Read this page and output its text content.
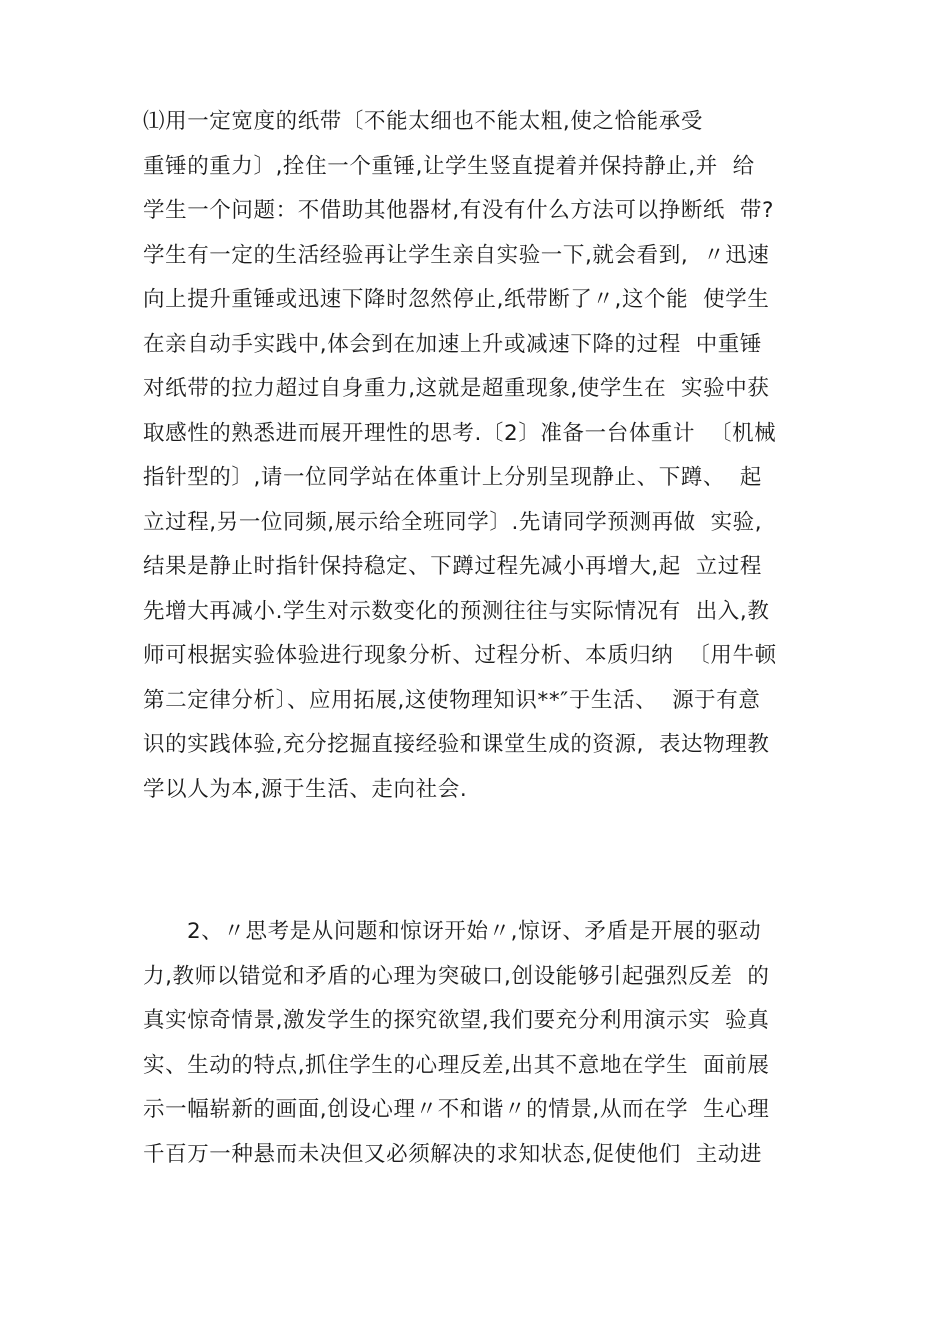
⑴用一定宽度的纸带〔不能太细也不能太粗,使之恰能承受
重锤的重力〕,拴住一个重锤,让学生竖直提着并保持静止,并  给
学生一个问题：不借助其他器材,有没有什么方法可以挣断纸  带?
学生有一定的生活经验再让学生亲自实验一下,就会看到,  〃迅速
向上提升重锤或迅速下降时忽然停止,纸带断了〃,这个能  使学生
在亲自动手实践中,体会到在加速上升或减速下降的过程  中重锤
对纸带的拉力超过自身重力,这就是超重现象,使学生在  实验中获
取感性的熟悉进而展开理性的思考.〔2〕准备一台体重计  〔机械
指针型的〕,请一位同学站在体重计上分别呈现静止、下蹲、  起
立过程,另一位同频,展示给全班同学〕.先请同学预测再做  实验,
结果是静止时指针保持稳定、下蹲过程先减小再增大,起  立过程
先增大再减小.学生对示数变化的预测往往与实际情况有  出入,教
师可根据实验体验进行现象分析、过程分析、本质归纳  〔用牛顿
第二定律分析〕、应用拓展,这使物理知识**″于生活、  源于有意
识的实践体验,充分挖掘直接经验和课堂生成的资源,  表达物理教
学以人为本,源于生活、走向社会.
2、〃思考是从问题和惊讶开始〃,惊讶、矛盾是开展的驱动
力,教师以错觉和矛盾的心理为突破口,创设能够引起强烈反差  的
真实惊奇情景,激发学生的探究欲望,我们要充分利用演示实  验真
实、生动的特点,抓住学生的心理反差,出其不意地在学生  面前展
示一幅崭新的画面,创设心理〃不和谐〃的情景,从而在学  生心理
千百万一种悬而未决但又必须解决的求知状态,促使他们  主动进
